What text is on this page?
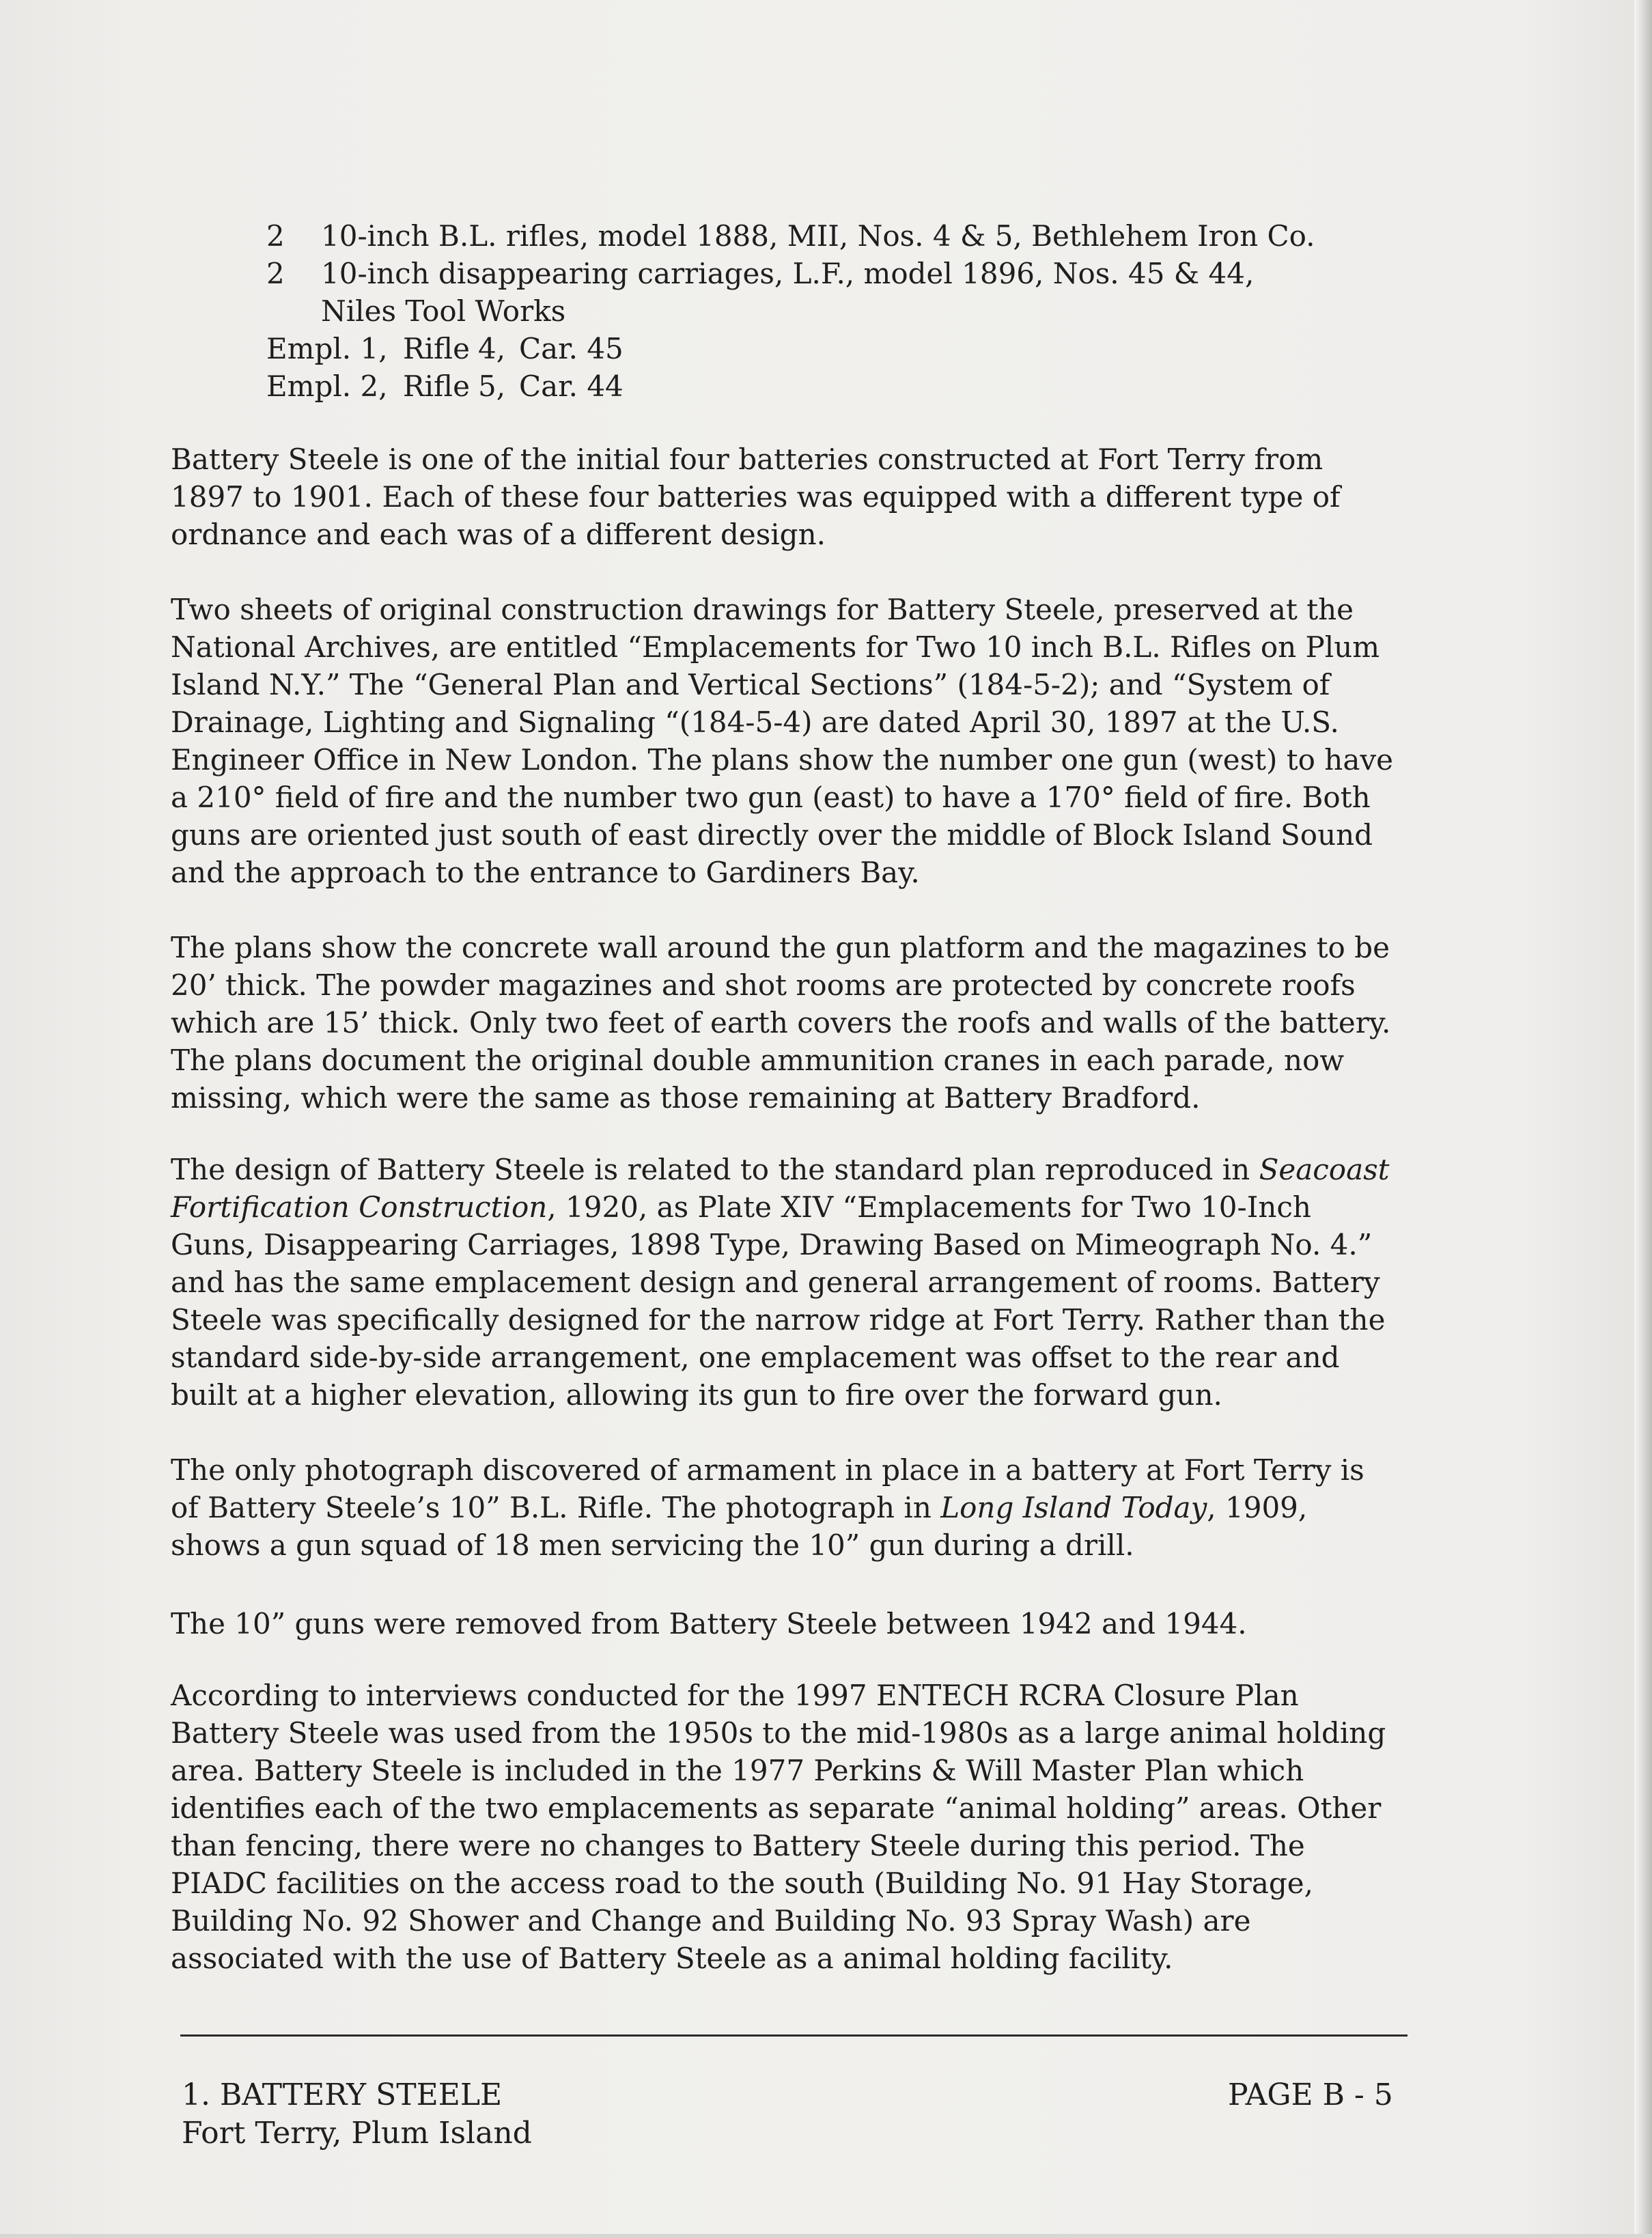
2	10-inch B.L. rifles, model 1888, MII, Nos. 4 & 5, Bethlehem Iron Co.
2	10-inch disappearing carriages, L.F., model 1896, Nos. 45 & 44,
Niles Tool Works
Empl. 1, Rifle 4, Car. 45
Empl. 2, Rifle 5, Car. 44

Battery Steele is one of the initial four batteries constructed at Fort Terry from 1897 to 1901. Each of these four batteries was equipped with a different type of ordnance and each was of a different design.

Two sheets of original construction drawings for Battery Steele, preserved at the National Archives, are entitled “Emplacements for Two 10 inch B.L. Rifles on Plum Island N.Y.” The “General Plan and Vertical Sections” (184-5-2); and “System of Drainage, Lighting and Signaling “(184-5-4) are dated April 30, 1897 at the U.S. Engineer Office in New London. The plans show the number one gun (west) to have a 210° field of fire and the number two gun (east) to have a 170° field of fire. Both guns are oriented just south of east directly over the middle of Block Island Sound and the approach to the entrance to Gardiners Bay.

The plans show the concrete wall around the gun platform and the magazines to be 20’ thick. The powder magazines and shot rooms are protected by concrete roofs which are 15’ thick. Only two feet of earth covers the roofs and walls of the battery. The plans document the original double ammunition cranes in each parade, now missing, which were the same as those remaining at Battery Bradford.

The design of Battery Steele is related to the standard plan reproduced in Seacoast Fortification Construction, 1920, as Plate XIV “Emplacements for Two 10-Inch Guns, Disappearing Carriages, 1898 Type, Drawing Based on Mimeograph No. 4.” and has the same emplacement design and general arrangement of rooms. Battery Steele was specifically designed for the narrow ridge at Fort Terry. Rather than the standard side-by-side arrangement, one emplacement was offset to the rear and built at a higher elevation, allowing its gun to fire over the forward gun.

The only photograph discovered of armament in place in a battery at Fort Terry is of Battery Steele’s 10” B.L. Rifle. The photograph in Long Island Today, 1909, shows a gun squad of 18 men servicing the 10” gun during a drill.

The 10” guns were removed from Battery Steele between 1942 and 1944.

According to interviews conducted for the 1997 ENTECH RCRA Closure Plan Battery Steele was used from the 1950s to the mid-1980s as a large animal holding area. Battery Steele is included in the 1977 Perkins & Will Master Plan which identifies each of the two emplacements as separate “animal holding” areas. Other than fencing, there were no changes to Battery Steele during this period. The PIADC facilities on the access road to the south (Building No. 91 Hay Storage, Building No. 92 Shower and Change and Building No. 93 Spray Wash) are associated with the use of Battery Steele as a animal holding facility.

1. BATTERY STEELE
Fort Terry, Plum Island
PAGE B - 5
